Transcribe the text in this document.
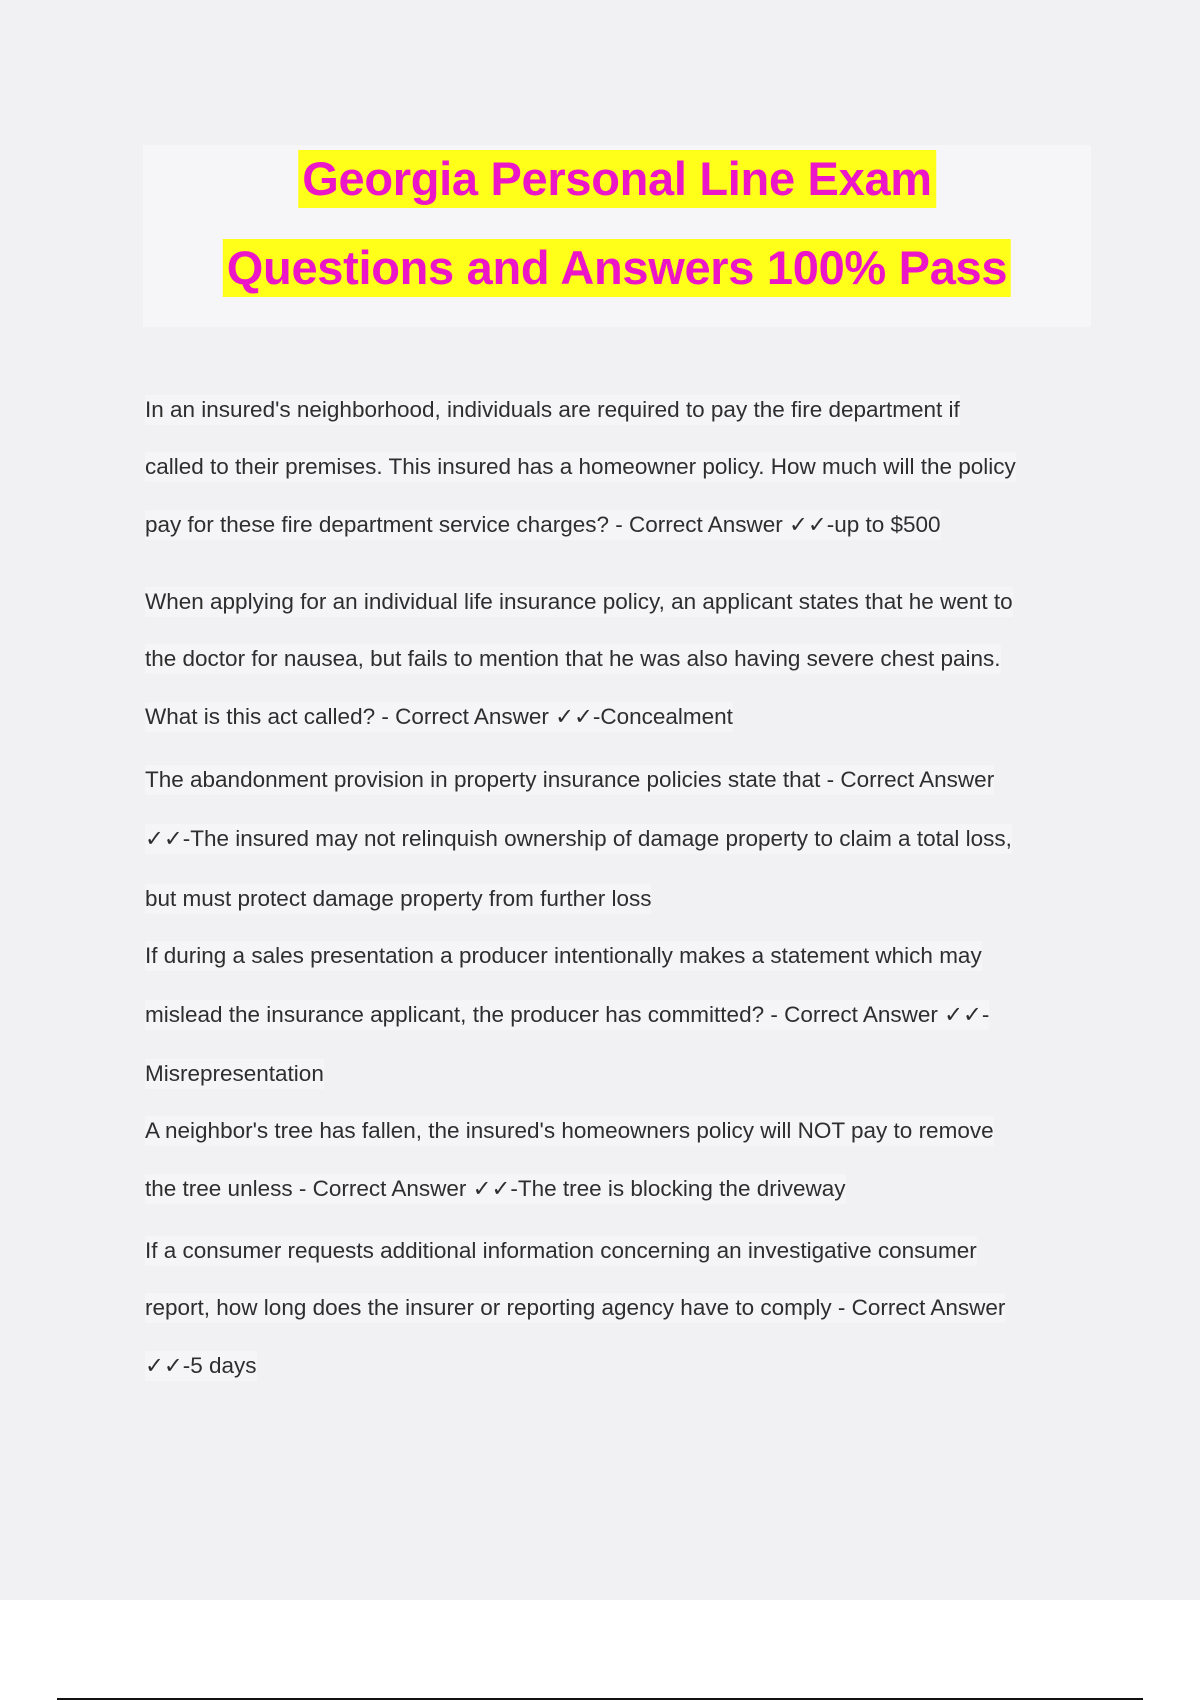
Georgia Personal Line Exam
Questions and Answers 100% Pass
In an insured's neighborhood, individuals are required to pay the fire department if
called to their premises. This insured has a homeowner policy. How much will the policy
pay for these fire department service charges? - Correct Answer ✓✓-up to $500
When applying for an individual life insurance policy, an applicant states that he went to
the doctor for nausea, but fails to mention that he was also having severe chest pains.
What is this act called? - Correct Answer ✓✓-Concealment
The abandonment provision in property insurance policies state that - Correct Answer
✓✓-The insured may not relinquish ownership of damage property to claim a total loss,
but must protect damage property from further loss
If during a sales presentation a producer intentionally makes a statement which may
mislead the insurance applicant, the producer has committed? - Correct Answer ✓✓-
Misrepresentation
A neighbor's tree has fallen, the insured's homeowners policy will NOT pay to remove
the tree unless - Correct Answer ✓✓-The tree is blocking the driveway
If a consumer requests additional information concerning an investigative consumer
report, how long does the insurer or reporting agency have to comply - Correct Answer
✓✓-5 days
